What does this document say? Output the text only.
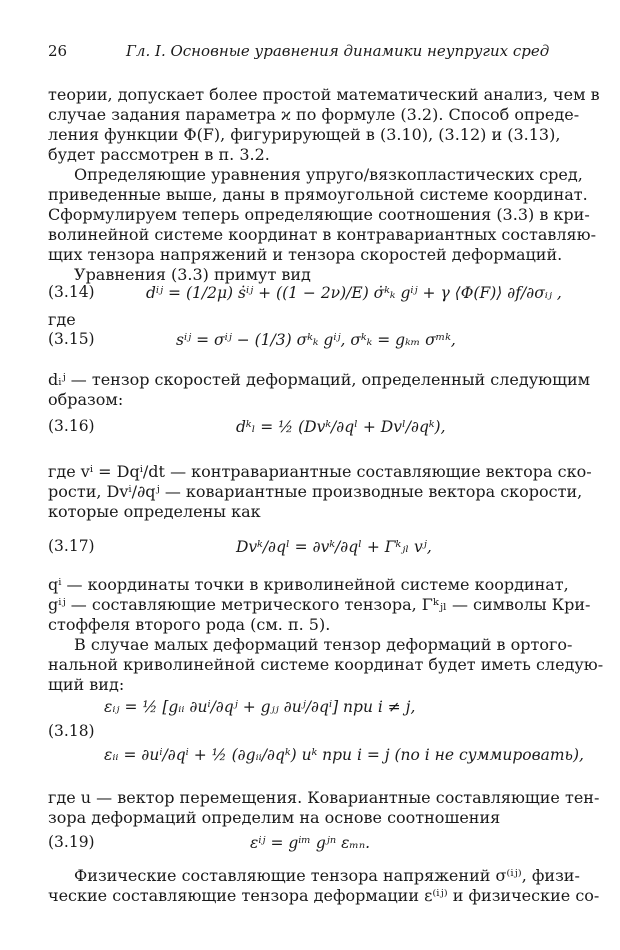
26	Гл. I. Основные уравнения динамики неупругих сред
теории, допускает более простой математический анализ, чем в
случае задания параметра ϰ по формуле (3.2). Способ опреде-
ления функции Φ(F), фигурирующей в (3.10), (3.12) и (3.13),
будет рассмотрен в п. 3.2.
Определяющие уравнения упруго/вязкопластических сред,
приведенные выше, даны в прямоугольной системе координат.
Сформулируем теперь определяющие соотношения (3.3) в кри-
волинейной системе координат в контравариантных составляю-
щих тензора напряжений и тензора скоростей деформаций.
Уравнения (3.3) примут вид
(3.14)	dⁱʲ = (1/2μ) ṡⁱʲ + ((1 − 2ν)/E) σ̇ᵏₖ gⁱʲ + γ ⟨Φ(F)⟩ ∂f/∂σᵢⱼ ,
где
(3.15)	sⁱʲ = σⁱʲ − (1/3) σᵏₖ gⁱʲ, σᵏₖ = gₖₘ σᵐᵏ,
dᵢʲ — тензор скоростей деформаций, определенный следующим
образом:
(3.16)	dᵏₗ = ½ (Dvᵏ/∂qˡ + Dvˡ/∂qᵏ),
где vⁱ = Dqⁱ/dt — контравариантные составляющие вектора ско-
рости, Dvⁱ/∂qʲ — ковариантные производные вектора скорости,
которые определены как
(3.17)	Dvᵏ/∂qˡ = ∂vᵏ/∂qˡ + Γᵏⱼₗ vʲ,
qⁱ — координаты точки в криволинейной системе координат,
gⁱʲ — составляющие метрического тензора, Γᵏⱼₗ — символы Кри-
стоффеля второго рода (см. п. 5).
В случае малых деформаций тензор деформаций в ортого-
нальной криволинейной системе координат будет иметь следую-
щий вид:
εᵢⱼ = ½ [gᵢᵢ ∂uⁱ/∂qʲ + gⱼⱼ ∂uʲ/∂qⁱ] при i ≠ j,
(3.18)
εᵢᵢ = ∂uⁱ/∂qⁱ + ½ (∂gᵢᵢ/∂qᵏ) uᵏ при i = j (по i не суммировать),
где u — вектор перемещения. Ковариантные составляющие тен-
зора деформаций определим на основе соотношения
(3.19)	εⁱʲ = gⁱᵐ gʲⁿ εₘₙ.
Физические составляющие тензора напряжений σ⁽ⁱʲ⁾, физи-
ческие составляющие тензора деформации ε⁽ⁱʲ⁾ и физические со-
